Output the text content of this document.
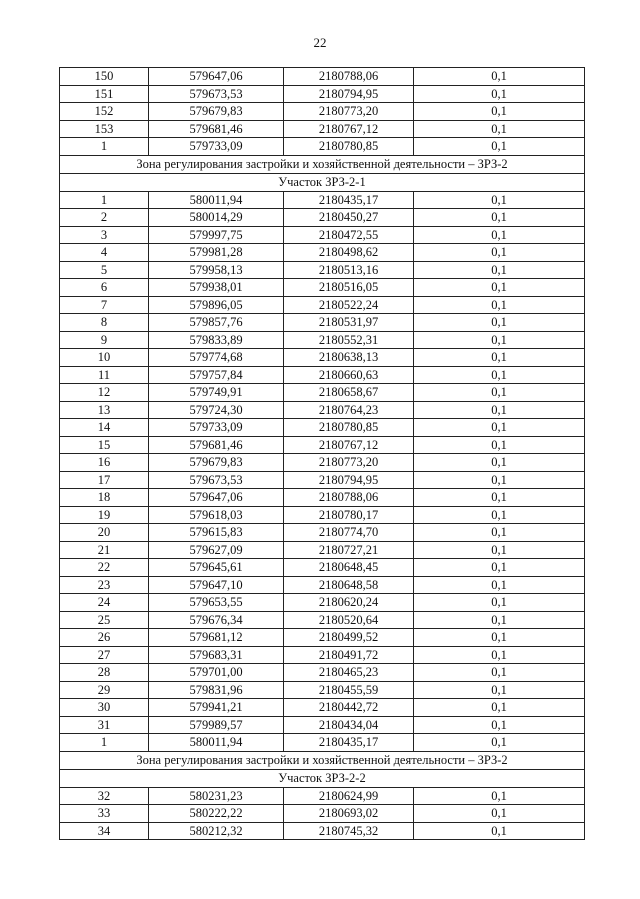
22
150	579647,06	2180788,06	0,1
151	579673,53	2180794,95	0,1
152	579679,83	2180773,20	0,1
153	579681,46	2180767,12	0,1
1	579733,09	2180780,85	0,1
Зона регулирования застройки и хозяйственной деятельности – ЗРЗ-2			
Участок ЗРЗ-2-1			
1	580011,94	2180435,17	0,1
2	580014,29	2180450,27	0,1
3	579997,75	2180472,55	0,1
4	579981,28	2180498,62	0,1
5	579958,13	2180513,16	0,1
6	579938,01	2180516,05	0,1
7	579896,05	2180522,24	0,1
8	579857,76	2180531,97	0,1
9	579833,89	2180552,31	0,1
10	579774,68	2180638,13	0,1
11	579757,84	2180660,63	0,1
12	579749,91	2180658,67	0,1
13	579724,30	2180764,23	0,1
14	579733,09	2180780,85	0,1
15	579681,46	2180767,12	0,1
16	579679,83	2180773,20	0,1
17	579673,53	2180794,95	0,1
18	579647,06	2180788,06	0,1
19	579618,03	2180780,17	0,1
20	579615,83	2180774,70	0,1
21	579627,09	2180727,21	0,1
22	579645,61	2180648,45	0,1
23	579647,10	2180648,58	0,1
24	579653,55	2180620,24	0,1
25	579676,34	2180520,64	0,1
26	579681,12	2180499,52	0,1
27	579683,31	2180491,72	0,1
28	579701,00	2180465,23	0,1
29	579831,96	2180455,59	0,1
30	579941,21	2180442,72	0,1
31	579989,57	2180434,04	0,1
1	580011,94	2180435,17	0,1
Зона регулирования застройки и хозяйственной деятельности – ЗРЗ-2			
Участок ЗРЗ-2-2			
32	580231,23	2180624,99	0,1
33	580222,22	2180693,02	0,1
34	580212,32	2180745,32	0,1
